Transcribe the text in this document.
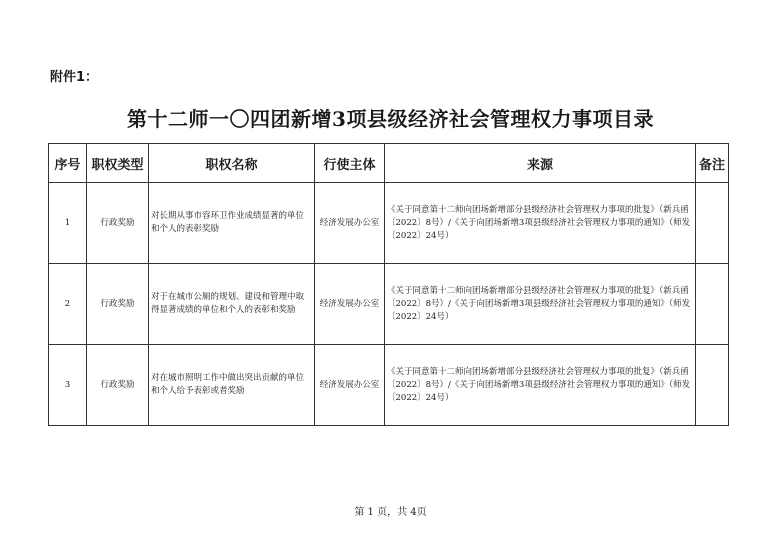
附件1：
第十二师一〇四团新增3项县级经济社会管理权力事项目录
序号	职权类型	职权名称	行使主体	来源	备注
1	行政奖励	对长期从事市容环卫作业成绩显著的单位和个人的表彰奖励	经济发展办公室	《关于同意第十二师向团场新增部分县级经济社会管理权力事项的批复》（新兵函〔2022〕8号）/《关于向团场新增3项县级经济社会管理权力事项的通知》（师发〔2022〕24号）	
2	行政奖励	对于在城市公厕的规划、建设和管理中取得显著成绩的单位和个人的表彰和奖励	经济发展办公室	《关于同意第十二师向团场新增部分县级经济社会管理权力事项的批复》（新兵函〔2022〕8号）/《关于向团场新增3项县级经济社会管理权力事项的通知》（师发〔2022〕24号）	
3	行政奖励	对在城市照明工作中做出突出贡献的单位和个人给予表彰或者奖励	经济发展办公室	《关于同意第十二师向团场新增部分县级经济社会管理权力事项的批复》（新兵函〔2022〕8号）/《关于向团场新增3项县级经济社会管理权力事项的通知》（师发〔2022〕24号）	
第 1 页，共 4页
